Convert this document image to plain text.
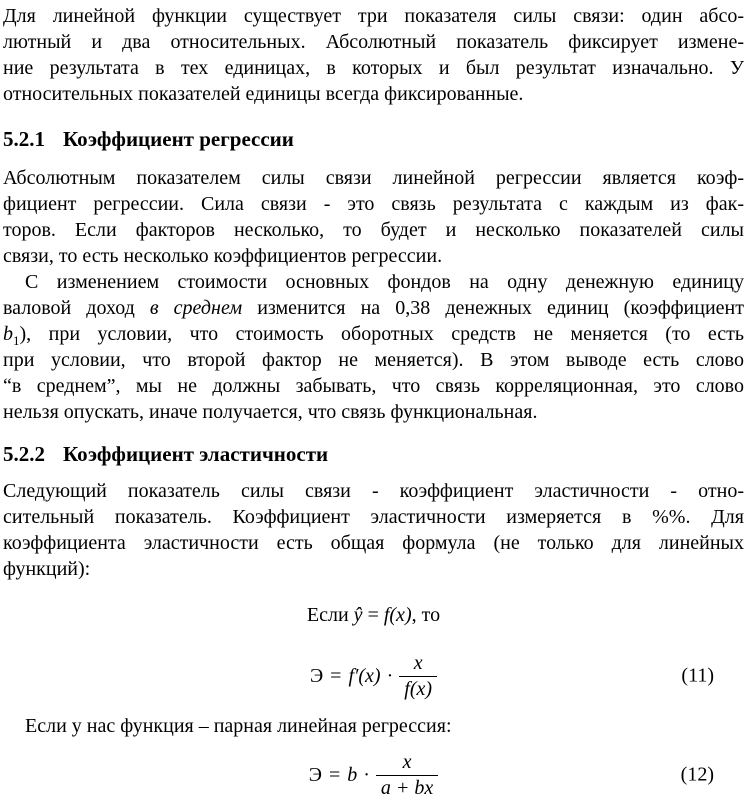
Для линейной функции существует три показателя силы связи: один абсо-
лютный и два относительных. Абсолютный показатель фиксирует измене-
ние результата в тех единицах, в которых и был результат изначально. У
относительных показателей единицы всегда фиксированные.
5.2.1 Коэффициент регрессии
Абсолютным показателем силы связи линейной регрессии является коэф-
фициент регрессии. Сила связи - это связь результата с каждым из фак-
торов. Если факторов несколько, то будет и несколько показателей силы
связи, то есть несколько коэффициентов регрессии.
С изменением стоимости основных фондов на одну денежную единицу
валовой доход в среднем изменится на 0,38 денежных единиц (коэффициент
$b_1$), при условии, что стоимость оборотных средств не меняется (то есть
при условии, что второй фактор не меняется). В этом выводе есть слово
“в среднем”, мы не должны забывать, что связь корреляционная, это слово
нельзя опускать, иначе получается, что связь функциональная.
5.2.2 Коэффициент эластичности
Следующий показатель силы связи - коэффициент эластичности - отно-
сительный показатель. Коэффициент эластичности измеряется в %%. Для
коэффициента эластичности есть общая формула (не только для линейных
функций):
Если ŷ = f(x), то
$Э = f'(x) \cdot \frac{x}{f(x)}$	(11)
Если у нас функция – парная линейная регрессия:
$Э = b \cdot \frac{x}{a + bx}$	(12)
